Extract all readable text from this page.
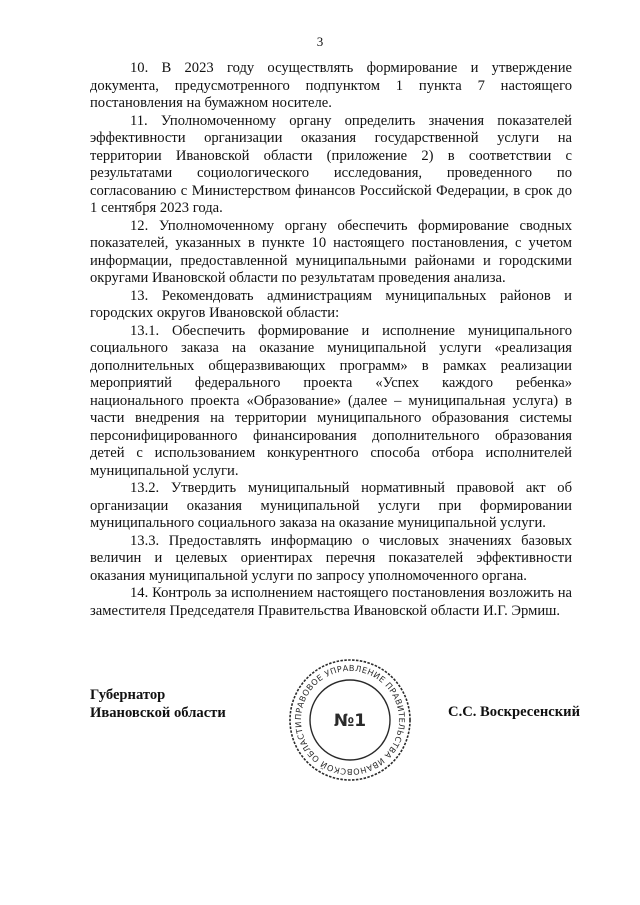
3

10. В 2023 году осуществлять формирование и утверждение документа, предусмотренного подпунктом 1 пункта 7 настоящего постановления на бумажном носителе.

11. Уполномоченному органу определить значения показателей эффективности организации оказания государственной услуги на территории Ивановской области (приложение 2) в соответствии с результатами социологического исследования, проведенного по согласованию с Министерством финансов Российской Федерации, в срок до 1 сентября 2023 года.

12. Уполномоченному органу обеспечить формирование сводных показателей, указанных в пункте 10 настоящего постановления, с учетом информации, предоставленной муниципальными районами и городскими округами Ивановской области по результатам проведения анализа.

13. Рекомендовать администрациям муниципальных районов и городских округов Ивановской области:

13.1. Обеспечить формирование и исполнение муниципального социального заказа на оказание муниципальной услуги «реализация дополнительных общеразвивающих программ» в рамках реализации мероприятий федерального проекта «Успех каждого ребенка» национального проекта «Образование» (далее – муниципальная услуга) в части внедрения на территории муниципального образования системы персонифицированного финансирования дополнительного образования детей с использованием конкурентного способа отбора исполнителей муниципальной услуги.

13.2. Утвердить муниципальный нормативный правовой акт об организации оказания муниципальной услуги при формировании муниципального социального заказа на оказание муниципальной услуги.

13.3. Предоставлять информацию о числовых значениях базовых величин и целевых ориентирах перечня показателей эффективности оказания муниципальной услуги по запросу уполномоченного органа.

14. Контроль за исполнением настоящего постановления возложить на заместителя Председателя Правительства Ивановской области И.Г. Эрмиш.

Губернатор
Ивановской области	ПРАВОВОЕ УПРАВЛЕНИЕ ПРАВИТЕЛЬСТВА ИВАНОВСКОЙ ОБЛАСТИ	№1	С.С. Воскресенский
